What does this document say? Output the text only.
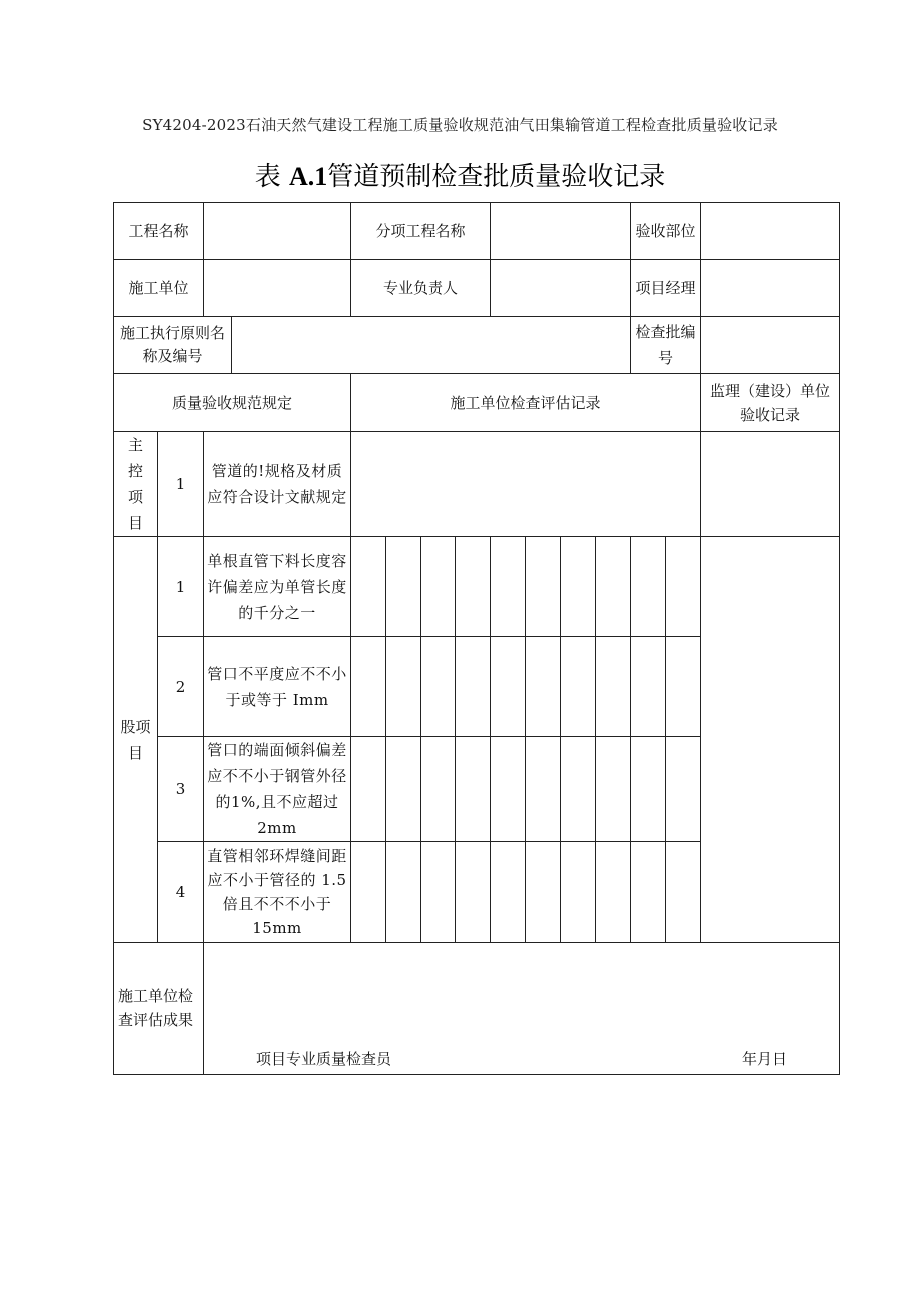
SY4204-2023石油天然气建设工程施工质量验收规范油气田集输管道工程检查批质量验收记录
表 A.1管道预制检查批质量验收记录
工程名称				分项工程名称								验收部位		
施工单位				专业负责人								项目经理		
施工执行原则名称及编号												检查批编号		
质量验收规范规定				施工单位检查评估记录										监理（建设）单位验收记录
主控项目	1	管道的!规格及材质应符合设计文献规定												
股项目	1	单根直管下料长度容许偏差应为单管长度的千分之一												
	2	管口不平度应不不小于或等于 Imm												
	3	管口的端面倾斜偏差应不不小于钢管外径的1%,且不应超过2mm												
	4	直管相邻环焊缝间距应不小于管径的 1.5 倍且不不不小于 15mm												
施工单位检查评估成果		项目专业质量检查员 年月日												
